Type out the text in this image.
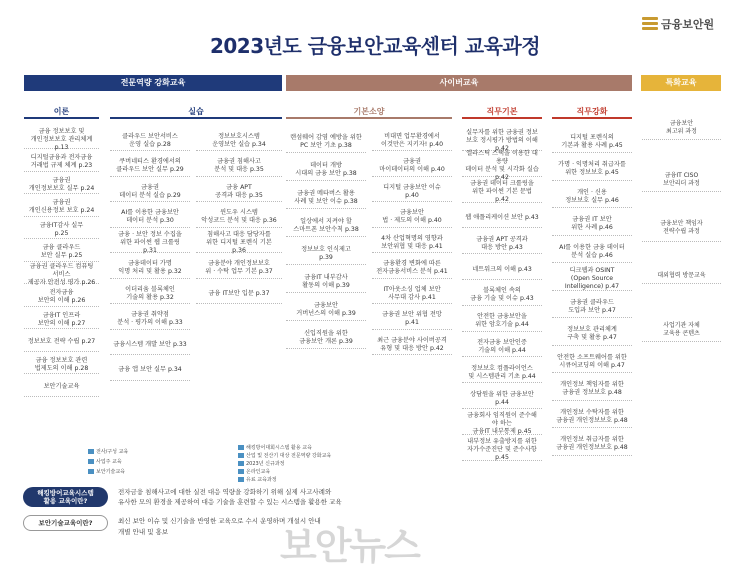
2023년도 금융보안교육센터 교육과정
금융보안원
전문역량 강화교육	사이버교육	특화교육
이론	실습	기본소양	직무기본	직무강화
전사/구성 교육
사업주 교육
보안기술교육
해킹방어대회시스템 활용 교육
산업 및 전산기 대상 전문역량 강화교육
2023년 신규과정
온라인교육
유료 교육과정
해킹방어교육시스템
활용 교육이란?
전자금융 침해사고에 대한 실전 대응 역량을 강화하기 위해 실제 사고사례와
유사한 모의 환경을 제공하여 대응 기술을 훈련할 수 있는 시스템을 활용한 교육
보안기술교육이란?	최신 보안 이슈 및 신기술을 반영한 교육으로 수시 운영하며 개설시 안내
개별 안내 및 홍보	보안뉴스
금융 정보보호 및
개인정보보호 관리체계 p.13
디지털금융과 전자금융
거래법 규제 체계 p.23
금융권
개인정보보호 실무 p.24
금융권
개인신용정보 보호 p.24
금융IT감사 실무
p.25
금융 클라우드
보안 실무 p.25
금융권 클라우드 컴퓨팅서비스
제공자 안전성 평가 p.26
전자금융
보안의 이해 p.26
금융IT 인프라
보안의 이해 p.27
정보보호 전략 수립 p.27
금융 정보보호 관련
법제도의 이해 p.28
보안기술교육
클라우드 보안서비스
운영 실습 p.28
쿠버네티스 환경에서의
클라우드 보안 실무 p.29
금융권
데이터 분석 실습 p.29
AI를 이용한 금융보안
데이터 분석 p.30
금융 · 보안 정보 수집을
위한 파이썬 웹 크롤링 p.31
금융데이터 가명
익명 처리 및 활용 p.32
이더리움 블록체인
기술의 활용 p.32
금융권 취약점
분석 · 평가의 이해 p.33
금융시스템 개발 보안 p.33
금융 앱 보안 실무 p.34
정보보호시스템
운영보안 실습 p.34
금융권 침해사고
분석 및 대응 p.35
금융 APT
공격과 대응 p.35
윈도우 시스템
악성코드 분석 및 대응 p.36
침해사고 대응 담당자를
위한 디지털 포렌식 기본 p.36
금융분야 개인정보보호
위 · 수탁 업무 기본 p.37
금융 IT보안 입문 p.37
랜섬웨어 감염 예방을 위한
PC 보안 기초 p.38
데이터 개방
시대의 금융 보안 p.38
금융권 메타버스 활용
사례 및 보안 이슈 p.38
일상에서 지켜야 할
스마트폰 보안수칙 p.38
정보보호 인식제고
p.39
금융IT 내부감사
활동의 이해 p.39
금융보안
거버넌스의 이해 p.39
신입직원을 위한
금융보안 개론 p.39
비대면 업무환경에서
이것만은 지키자! p.40
금융권
마이데이터의 이해 p.40
디지털 금융보안 이슈
p.40
금융보안
법 · 제도의 이해 p.40
4차 산업혁명의 영향과
보안위협 및 대응 p.41
금융환경 변화에 따른
전자금융서비스 분석 p.41
IT아웃소싱 업체 보안
사무대 감사 p.41
금융권 보안 위협 전망 p.41
최근 금융분야 사이버공격
유형 및 대응 방안 p.42
실무자를 위한 금융권 정보
보호 정시평가 방법의 이해 p.42
엘라스틱 스택을 이용한 대용량
데이터 분석 및 시각화 실습 p.42
금융권 데이터 크롤링을
위한 파이썬 기본 문법 p.42
웹 애플리케이션 보안 p.43
금융권 APT 공격과
대응 방안 p.43
네트워크의 이해 p.43
블록체인 속의
금융 기술 및 이슈 p.43
안전한 금융보안을
위한 암호기술 p.44
전자금융 보안인증
기술의 이해 p.44
정보보호 컴플라이언스
및 시스템관리 기초 p.44
상담원을 위한 금융보안 p.44
금융회사 임직원이 준수해야 하는
금융IT 내부통제 p.45
내부정보 유출방지를 위한
자가수준진단 및 준수사항 p.45
디지털 포렌식의
기본과 활용 사례 p.45
가명 · 익명처리 취급자를
위한 정보보호 p.45
개인 · 신용
정보보호 실무 p.46
금융권 IT 보안
위한 사례 p.46
AI를 이용한 금융 데이터
분석 실습 p.46
디크웹과 OSINT
(Open Source Intelligence) p.47
금융권 클라우드
도입과 보안 p.47
정보보호 관리체계
구축 및 활용 p.47
안전한 소프트웨어를 위한
시큐어코딩의 이해 p.47
개인정보 책임자를 위한
금융권 정보보호 p.48
개인정보 수탁자를 위한
금융권 개인정보보호 p.48
개인정보 취급자를 위한
금융권 개인정보보호 p.48
금융보안
최고위 과정
금융IT CISO
보안리더 과정
금융보안 책임자
전략수립 과정
대외협력 방문교육
사업기관 자체
교육용 콘텐츠
